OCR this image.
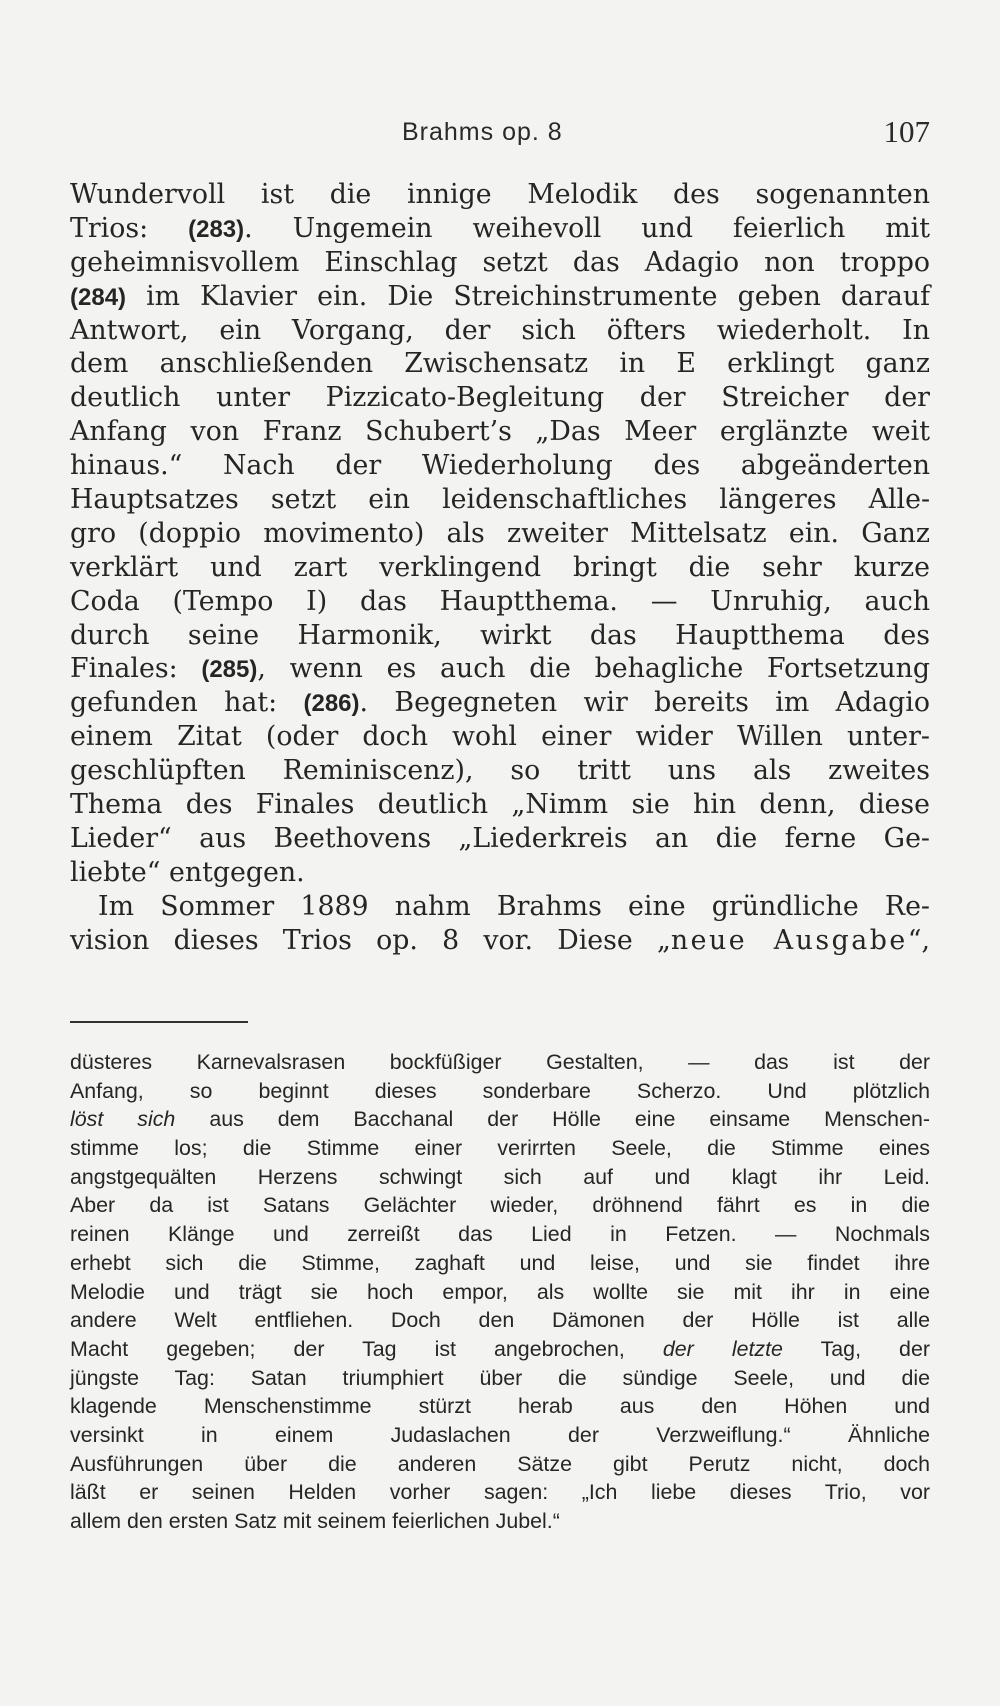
Brahms op. 8	107
Wundervoll ist die innige Melodik des sogenannten
Trios: (283). Ungemein weihevoll und feierlich mit
geheimnisvollem Einschlag setzt das Adagio non troppo
(284) im Klavier ein. Die Streichinstrumente geben darauf
Antwort, ein Vorgang, der sich öfters wiederholt. In
dem anschließenden Zwischensatz in E erklingt ganz
deutlich unter Pizzicato-Begleitung der Streicher der
Anfang von Franz Schubert’s „Das Meer erglänzte weit
hinaus.“ Nach der Wiederholung des abgeänderten
Hauptsatzes setzt ein leidenschaftliches längeres Alle-
gro (doppio movimento) als zweiter Mittelsatz ein. Ganz
verklärt und zart verklingend bringt die sehr kurze
Coda (Tempo I) das Hauptthema. — Unruhig, auch
durch seine Harmonik, wirkt das Hauptthema des
Finales: (285), wenn es auch die behagliche Fortsetzung
gefunden hat: (286). Begegneten wir bereits im Adagio
einem Zitat (oder doch wohl einer wider Willen unter-
geschlüpften Reminiscenz), so tritt uns als zweites
Thema des Finales deutlich „Nimm sie hin denn, diese
Lieder“ aus Beethovens „Liederkreis an die ferne Ge-
liebte“ entgegen.
Im Sommer 1889 nahm Brahms eine gründliche Re-
vision dieses Trios op. 8 vor. Diese „neue Ausgabe“,
düsteres Karnevalsrasen bockfüßiger Gestalten, — das ist der
Anfang, so beginnt dieses sonderbare Scherzo. Und plötzlich
löst sich aus dem Bacchanal der Hölle eine einsame Menschen-
stimme los; die Stimme einer verirrten Seele, die Stimme eines
angstgequälten Herzens schwingt sich auf und klagt ihr Leid.
Aber da ist Satans Gelächter wieder, dröhnend fährt es in die
reinen Klänge und zerreißt das Lied in Fetzen. — Nochmals
erhebt sich die Stimme, zaghaft und leise, und sie findet ihre
Melodie und trägt sie hoch empor, als wollte sie mit ihr in eine
andere Welt entfliehen. Doch den Dämonen der Hölle ist alle
Macht gegeben; der Tag ist angebrochen, der letzte Tag, der
jüngste Tag: Satan triumphiert über die sündige Seele, und die
klagende Menschenstimme stürzt herab aus den Höhen und
versinkt in einem Judaslachen der Verzweiflung.“ Ähnliche
Ausführungen über die anderen Sätze gibt Perutz nicht, doch
läßt er seinen Helden vorher sagen: „Ich liebe dieses Trio, vor
allem den ersten Satz mit seinem feierlichen Jubel.“
